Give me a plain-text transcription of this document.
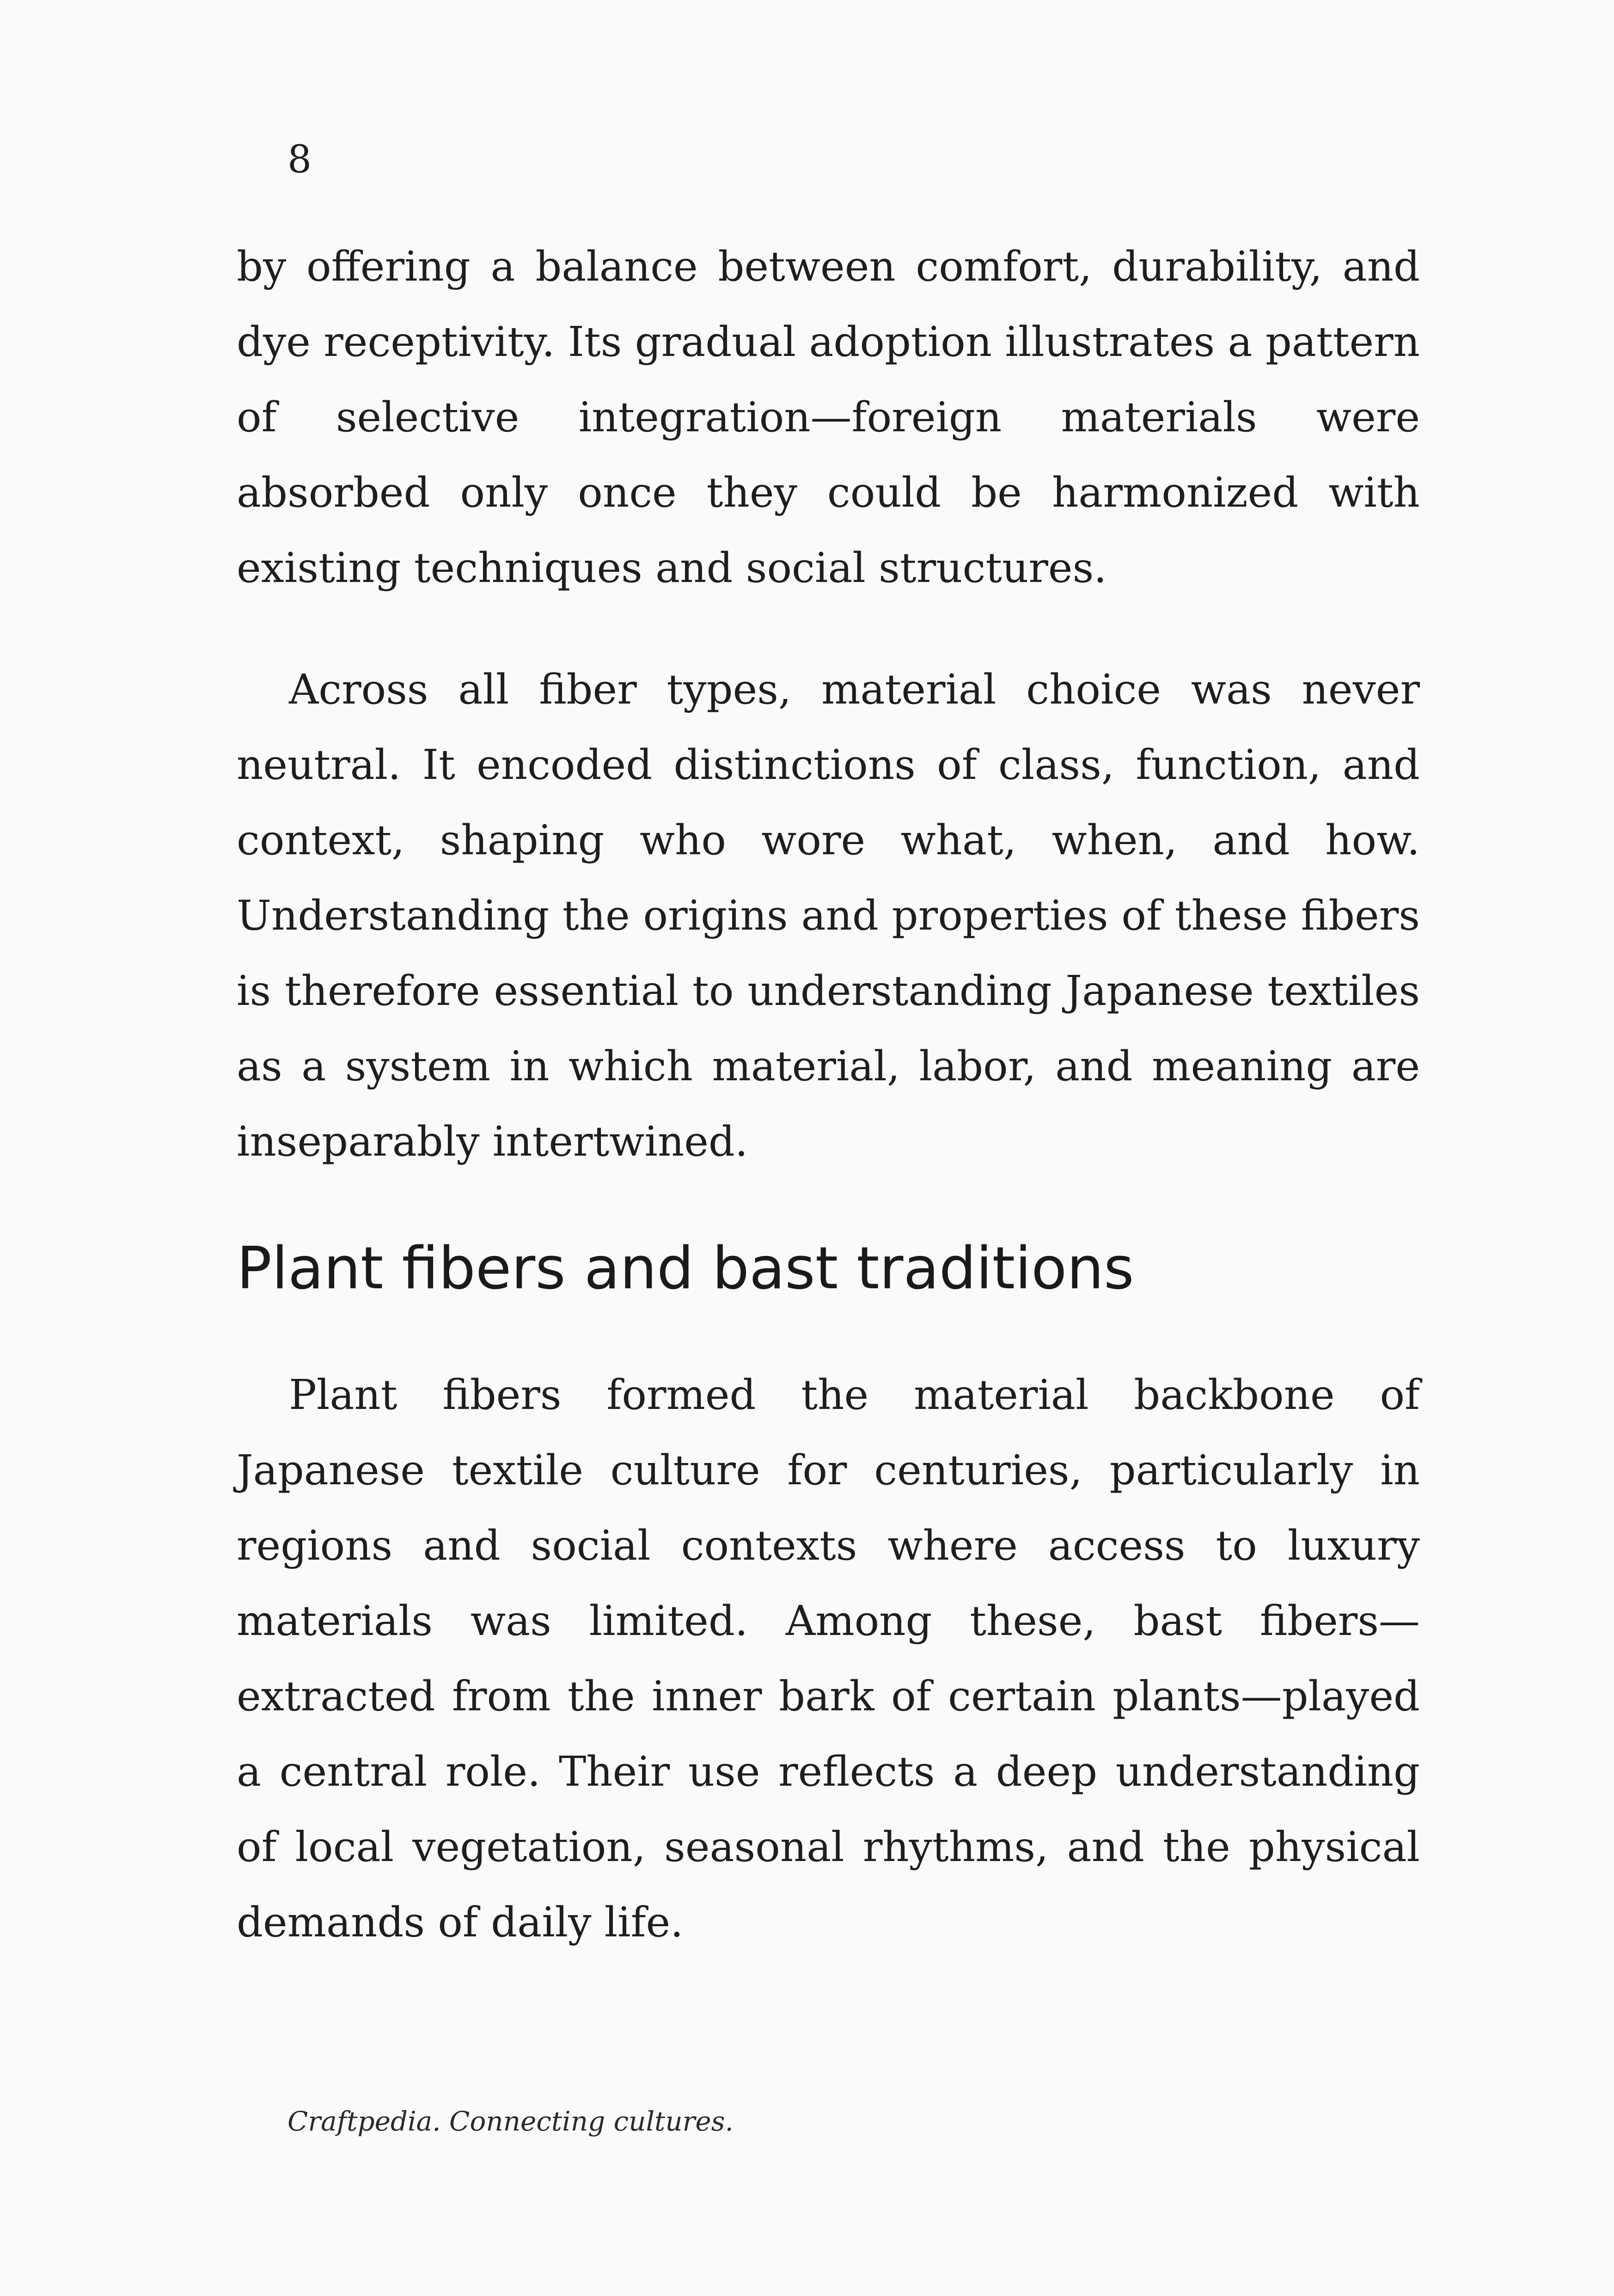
8

by offering a balance between comfort, durability, and dye receptivity. Its gradual adoption illustrates a pattern of selective integration—foreign materials were absorbed only once they could be harmonized with existing techniques and social structures.

Across all fiber types, material choice was never neutral. It encoded distinctions of class, function, and context, shaping who wore what, when, and how. Understanding the origins and properties of these fibers is therefore essential to understanding Japanese textiles as a system in which material, labor, and meaning are inseparably intertwined.

Plant fibers and bast traditions

Plant fibers formed the material backbone of Japanese textile culture for centuries, particularly in regions and social contexts where access to luxury materials was limited. Among these, bast fibers—extracted from the inner bark of certain plants—played a central role. Their use reflects a deep understanding of local vegetation, seasonal rhythms, and the physical demands of daily life.

Craftpedia. Connecting cultures.
